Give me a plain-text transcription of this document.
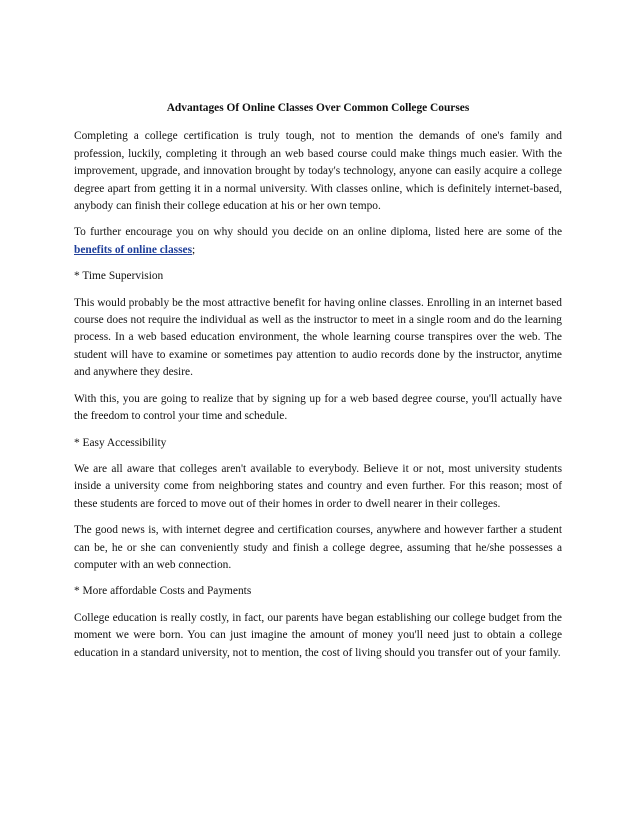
Advantages Of Online Classes Over Common College Courses

Completing a college certification is truly tough, not to mention the demands of one's family and profession, luckily, completing it through an web based course could make things much easier. With the improvement, upgrade, and innovation brought by today's technology, anyone can easily acquire a college degree apart from getting it in a normal university. With classes online, which is definitely internet-based, anybody can finish their college education at his or her own tempo.

To further encourage you on why should you decide on an online diploma, listed here are some of the benefits of online classes;

* Time Supervision

This would probably be the most attractive benefit for having online classes. Enrolling in an internet based course does not require the individual as well as the instructor to meet in a single room and do the learning process. In a web based education environment, the whole learning course transpires over the web. The student will have to examine or sometimes pay attention to audio records done by the instructor, anytime and anywhere they desire.

With this, you are going to realize that by signing up for a web based degree course, you'll actually have the freedom to control your time and schedule.

* Easy Accessibility

We are all aware that colleges aren't available to everybody. Believe it or not, most university students inside a university come from neighboring states and country and even further. For this reason; most of these students are forced to move out of their homes in order to dwell nearer in their colleges.

The good news is, with internet degree and certification courses, anywhere and however farther a student can be, he or she can conveniently study and finish a college degree, assuming that he/she possesses a computer with an web connection.

* More affordable Costs and Payments

College education is really costly, in fact, our parents have began establishing our college budget from the moment we were born. You can just imagine the amount of money you'll need just to obtain a college education in a standard university, not to mention, the cost of living should you transfer out of your family.
